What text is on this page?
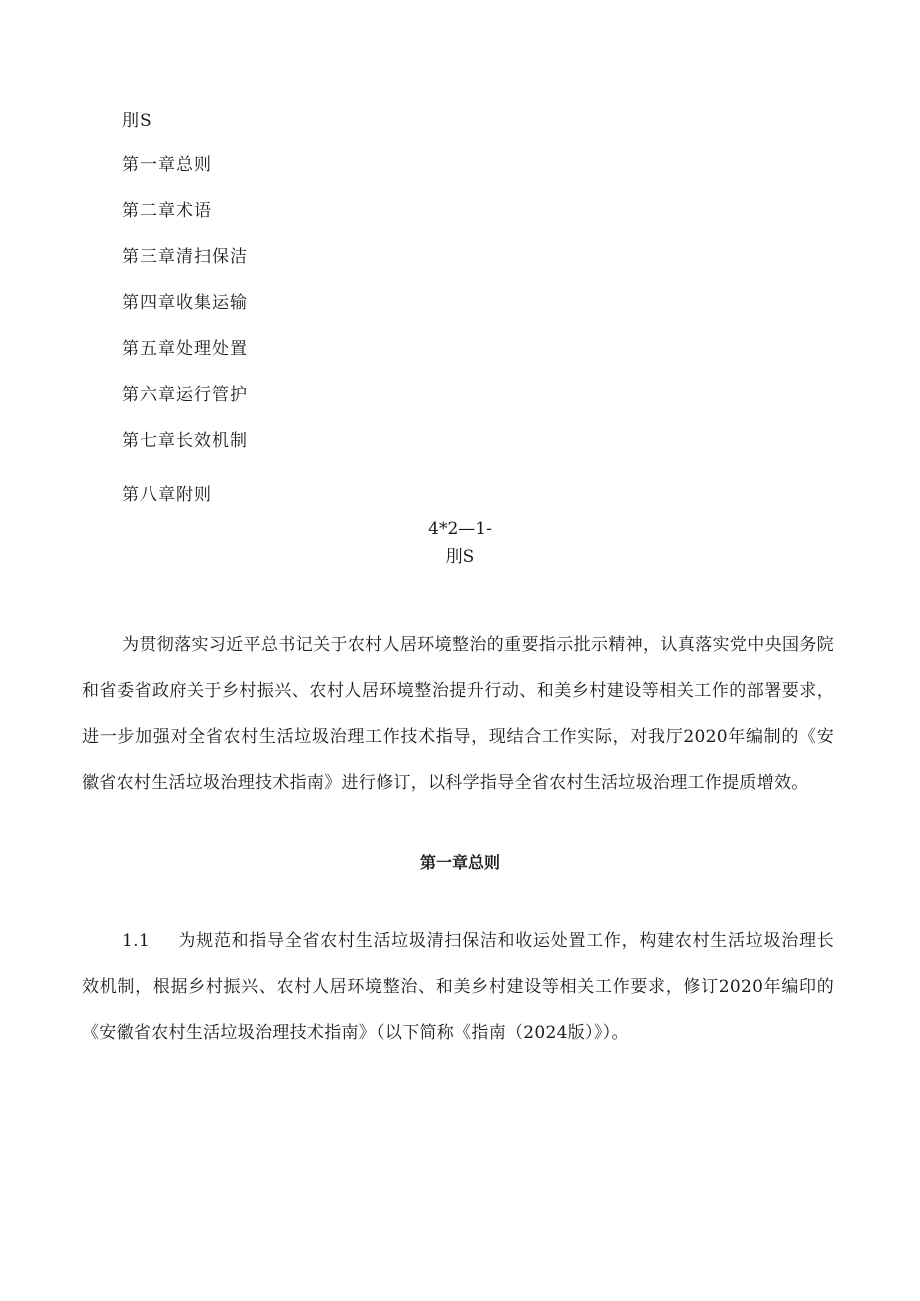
刖S
第一章总则
第二章术语
第三章清扫保洁
第四章收集运输
第五章处理处置
第六章运行管护
第七章长效机制
第八章附则
4*2—1-
刖S
为贯彻落实习近平总书记关于农村人居环境整治的重要指示批示精神，认真落实党中央国务院和省委省政府关于乡村振兴、农村人居环境整治提升行动、和美乡村建设等相关工作的部署要求，进一步加强对全省农村生活垃圾治理工作技术指导，现结合工作实际，对我厅2020年编制的《安徽省农村生活垃圾治理技术指南》进行修订，以科学指导全省农村生活垃圾治理工作提质增效。
第一章总则
1.1 为规范和指导全省农村生活垃圾清扫保洁和收运处置工作，构建农村生活垃圾治理长效机制，根据乡村振兴、农村人居环境整治、和美乡村建设等相关工作要求，修订2020年编印的《安徽省农村生活垃圾治理技术指南》（以下简称《指南（2024版）》）。
